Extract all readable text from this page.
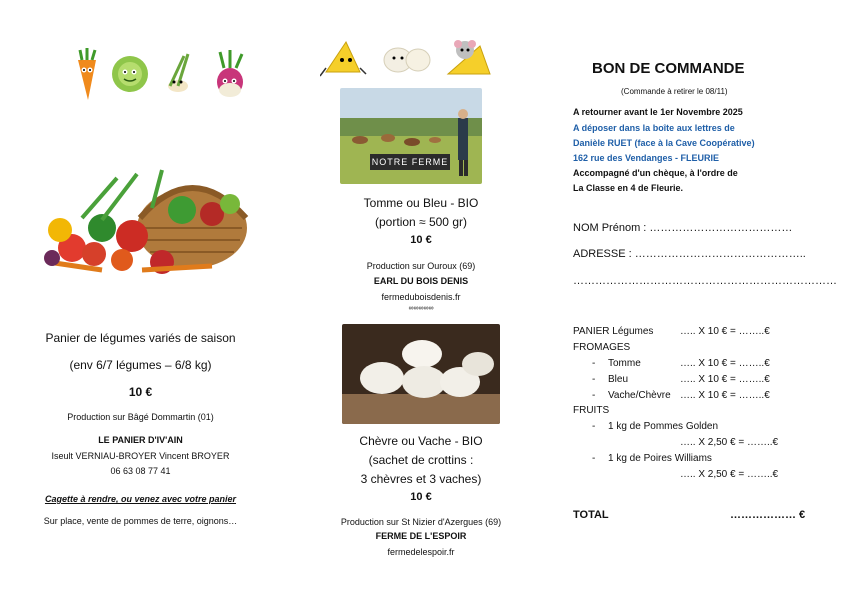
Panier de légumes variés de saison
(env 6/7 légumes – 6/8 kg)
10 €
Production sur Bâgé Dommartin (01)
LE PANIER D'IV'AIN
Iseult VERNIAU-BROYER Vincent BROYER
06 63 08 77 41
Cagette à rendre, ou venez avec votre panier
Sur place, vente de pommes de terre, oignons…
NOTRE FERME
Tomme ou Bleu - BIO
(portion ≈ 500 gr)
10 €
Production sur Ouroux (69)
EARL DU BOIS DENIS
fermeduboisdenis.fr
∞∞∞∞∞
Chèvre ou Vache - BIO
(sachet de crottins :
3 chèvres et 3 vaches)
10 €
Production sur St Nizier d'Azergues (69)
FERME DE L'ESPOIR
fermedelespoir.fr
BON DE COMMANDE
(Commande à retirer le 08/11)
A retourner avant le 1er Novembre 2025
A déposer dans la boîte aux lettres de
Danièle RUET (face à la Cave Coopérative)
162 rue des Vendanges - FLEURIE
Accompagné d'un chèque, à l'ordre de
La Classe en 4 de Fleurie.
NOM Prénom : …………………………………
ADRESSE : ………………………………………..
………………………………………………………………
PANIER Légumes	….. X 10 € = ……..€
FROMAGES
- Tomme	….. X 10 € = ……..€
- Bleu	….. X 10 € = ……..€
- Vache/Chèvre ….. X 10 € = ……..€
FRUITS
- 1 kg de Pommes Golden
….. X 2,50 € = ……..€
- 1 kg de Poires Williams
….. X 2,50 € = ……..€
TOTAL	……………… €
